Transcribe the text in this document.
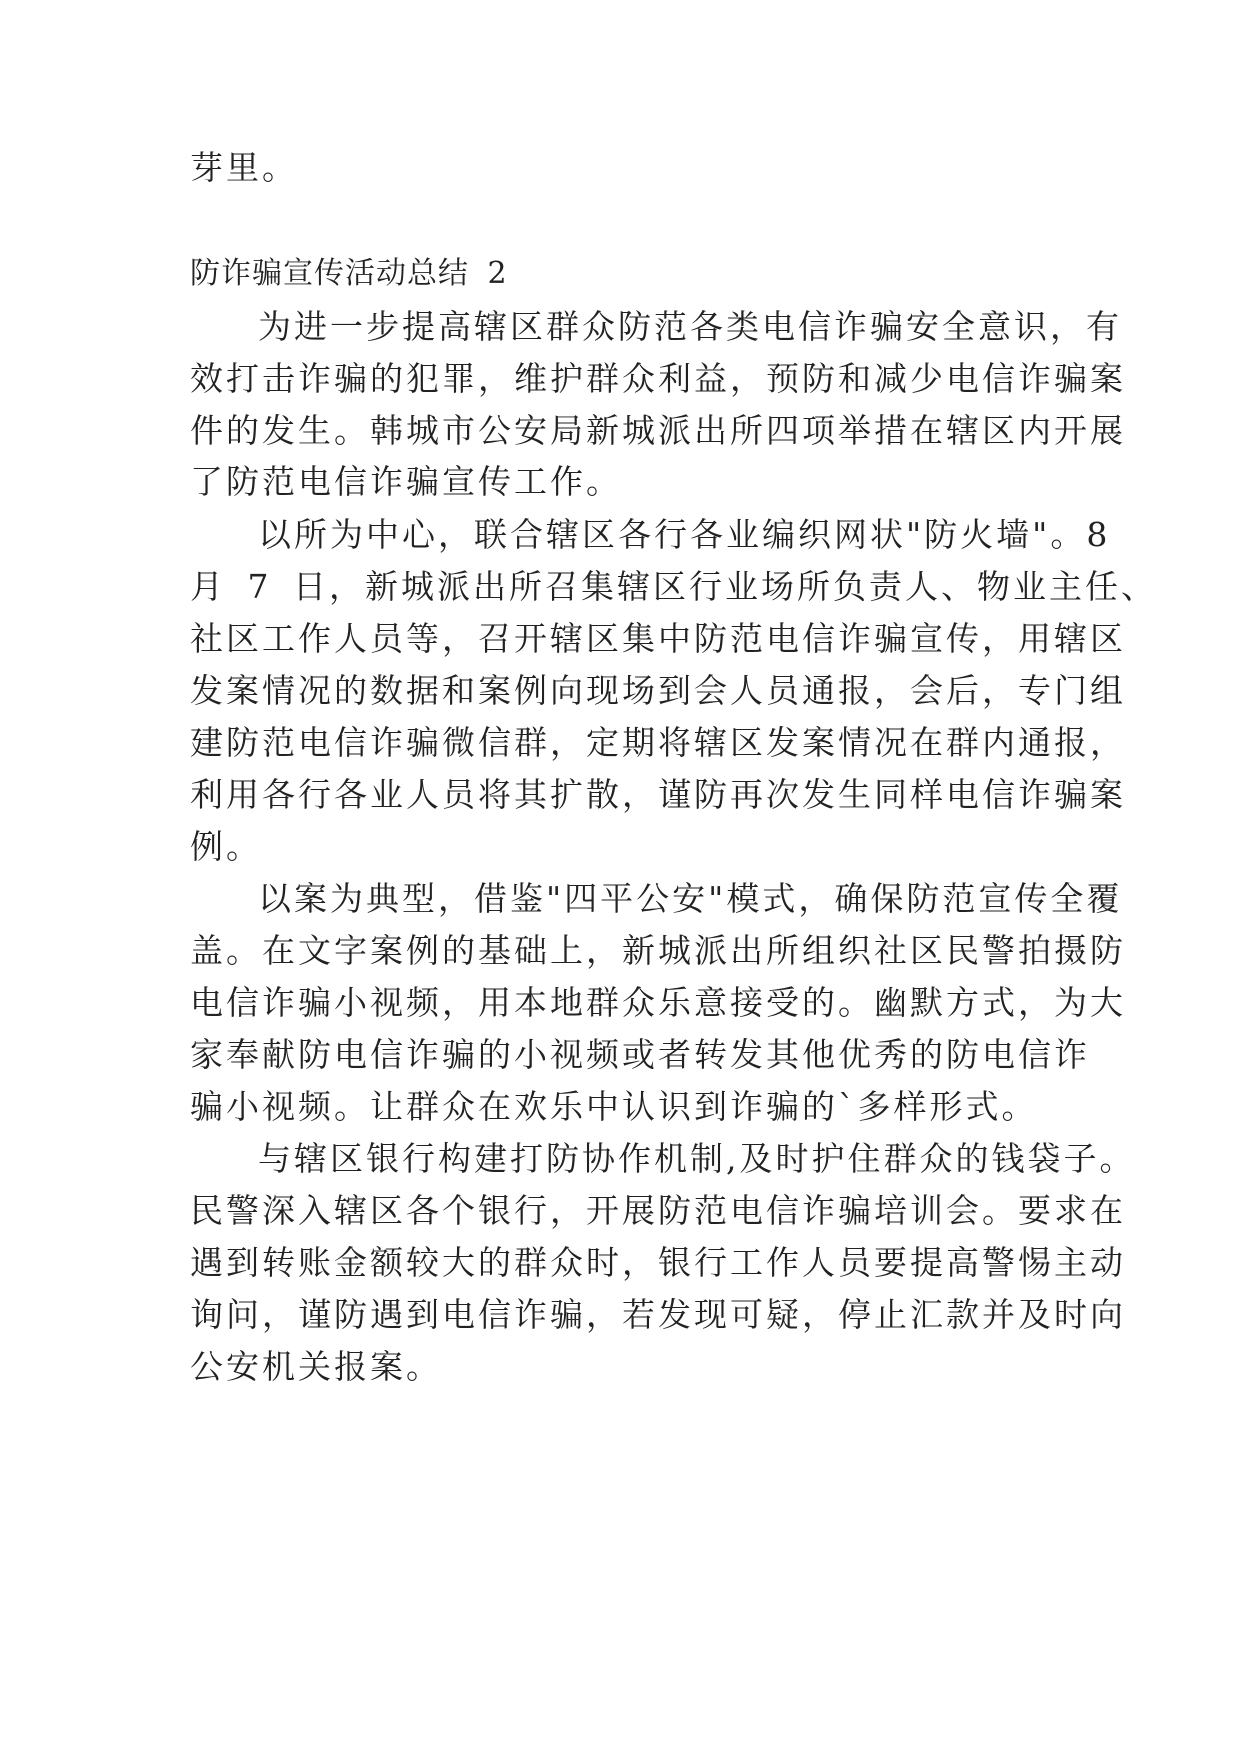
芽里。
防诈骗宣传活动总结 2
为进一步提高辖区群众防范各类电信诈骗安全意识，有
效打击诈骗的犯罪，维护群众利益，预防和减少电信诈骗案
件的发生。韩城市公安局新城派出所四项举措在辖区内开展
了防范电信诈骗宣传工作。
以所为中心，联合辖区各行各业编织网状"防火墙"。8
月 7 日，新城派出所召集辖区行业场所负责人、物业主任、
社区工作人员等，召开辖区集中防范电信诈骗宣传，用辖区
发案情况的数据和案例向现场到会人员通报，会后，专门组
建防范电信诈骗微信群，定期将辖区发案情况在群内通报，
利用各行各业人员将其扩散，谨防再次发生同样电信诈骗案
例。
以案为典型，借鉴"四平公安"模式，确保防范宣传全覆
盖。在文字案例的基础上，新城派出所组织社区民警拍摄防
电信诈骗小视频，用本地群众乐意接受的。幽默方式，为大
家奉献防电信诈骗的小视频或者转发其他优秀的防电信诈
骗小视频。让群众在欢乐中认识到诈骗的`多样形式。
与辖区银行构建打防协作机制,及时护住群众的钱袋子。
民警深入辖区各个银行，开展防范电信诈骗培训会。要求在
遇到转账金额较大的群众时，银行工作人员要提高警惕主动
询问，谨防遇到电信诈骗，若发现可疑，停止汇款并及时向
公安机关报案。
